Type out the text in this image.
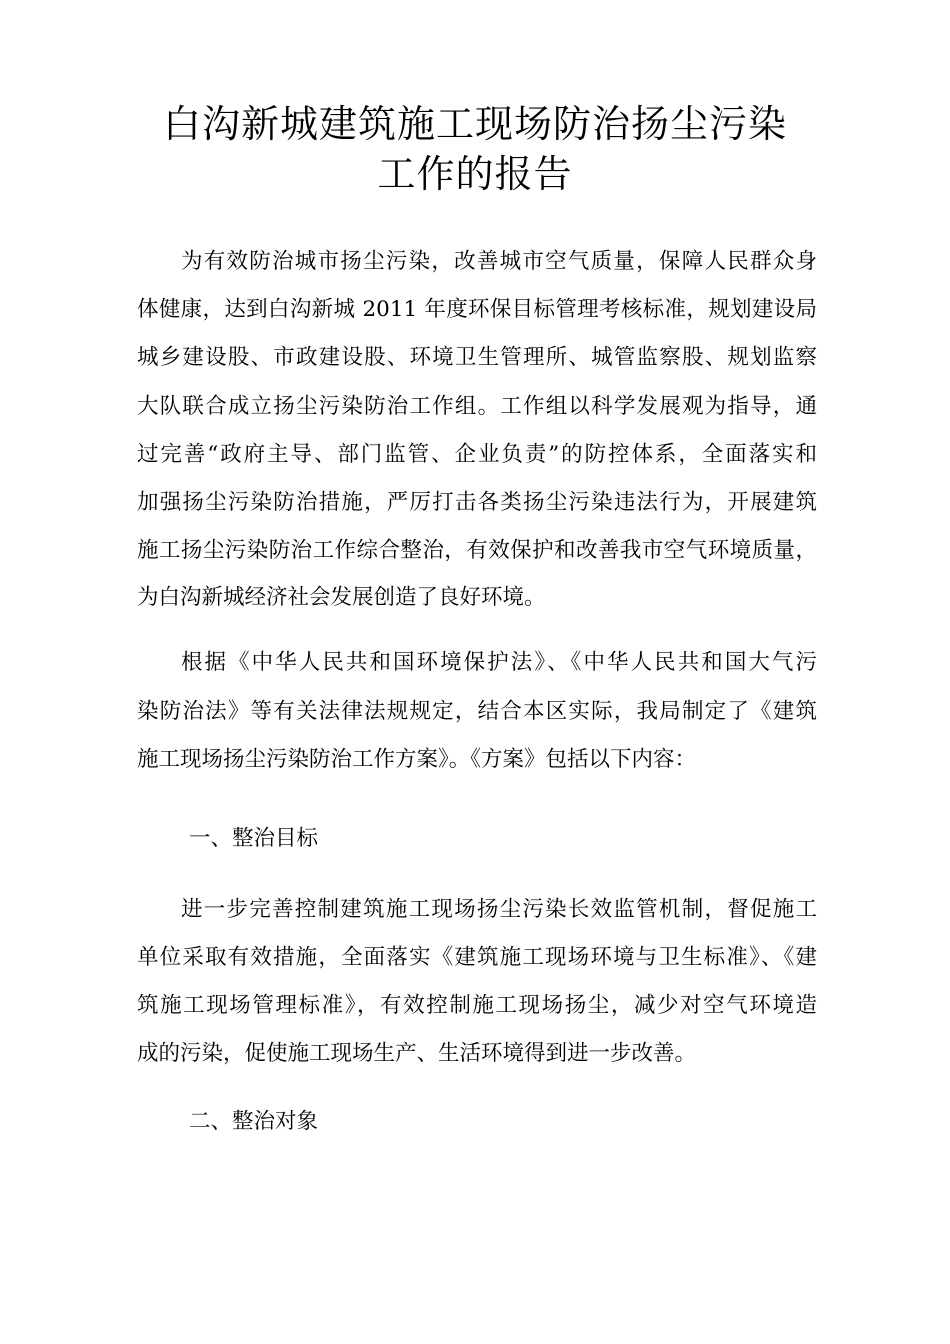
白沟新城建筑施工现场防治扬尘污染
工作的报告
为有效防治城市扬尘污染，改善城市空气质量，保障人民群众身
体健康，达到白沟新城 2011 年度环保目标管理考核标准，规划建设局
城乡建设股、市政建设股、环境卫生管理所、城管监察股、规划监察
大队联合成立扬尘污染防治工作组。工作组以科学发展观为指导，通
过完善“政府主导、部门监管、企业负责”的防控体系，全面落实和
加强扬尘污染防治措施，严厉打击各类扬尘污染违法行为，开展建筑
施工扬尘污染防治工作综合整治，有效保护和改善我市空气环境质量，
为白沟新城经济社会发展创造了良好环境。
根据《中华人民共和国环境保护法》、《中华人民共和国大气污
染防治法》等有关法律法规规定，结合本区实际，我局制定了《建筑
施工现场扬尘污染防治工作方案》。《方案》包括以下内容：
一、整治目标
进一步完善控制建筑施工现场扬尘污染长效监管机制，督促施工
单位采取有效措施，全面落实《建筑施工现场环境与卫生标准》、《建
筑施工现场管理标准》，有效控制施工现场扬尘，减少对空气环境造
成的污染，促使施工现场生产、生活环境得到进一步改善。
二、整治对象
